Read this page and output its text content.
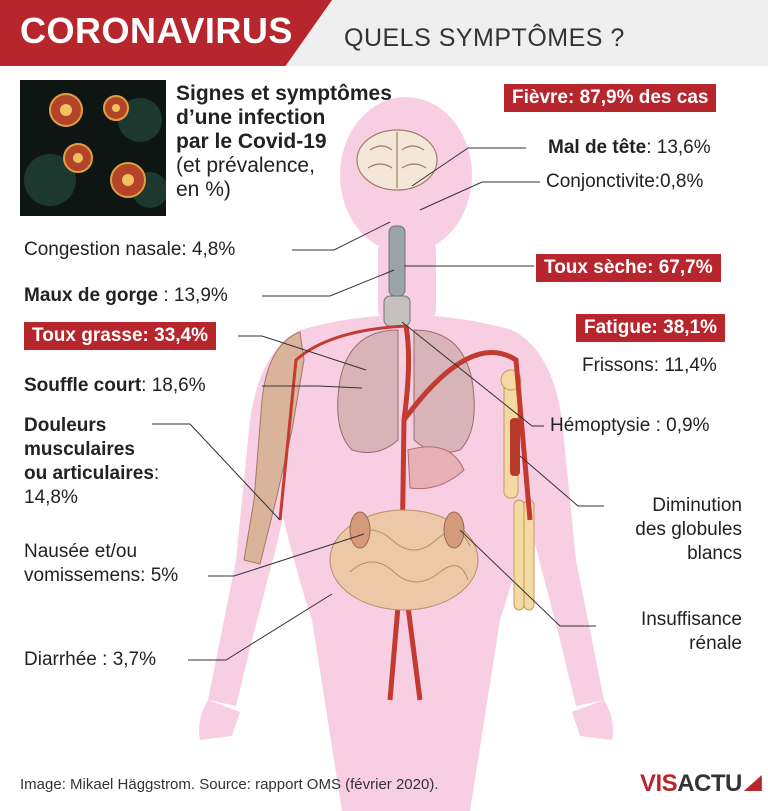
CORONAVIRUS QUELS SYMPTÔMES ?
Signes et symptômes
d’une infection
par le Covid-19
(et prévalence,
en %)
Fièvre: 87,9% des cas
Mal de tête: 13,6%
Conjonctivite:0,8%
Toux sèche: 67,7%
Fatigue: 38,1%
Frissons: 11,4%
Hémoptysie : 0,9%
Diminution
des globules
blancs
Insuffisance
rénale
Congestion nasale: 4,8%
Maux de gorge : 13,9%
Toux grasse: 33,4%
Souffle court: 18,6%
Douleurs
musculaires
ou articulaires:
14,8%
Nausée et/ou
vomissemens: 5%
Diarrhée : 3,7%
Image: Mikael Häggstrom. Source: rapport OMS (février 2020).	VISACTU
